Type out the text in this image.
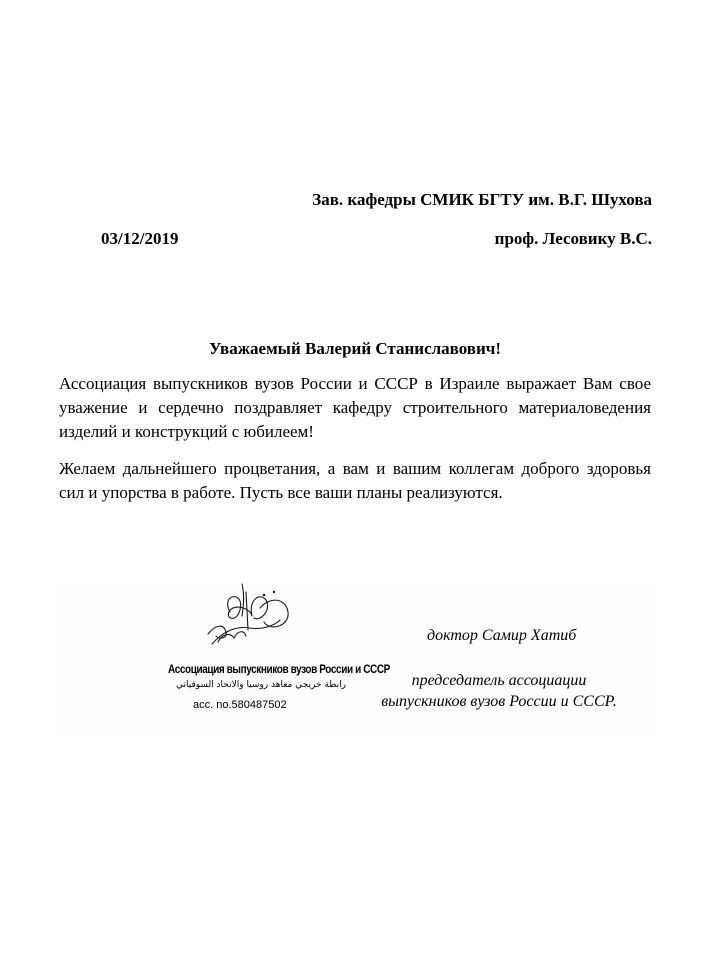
Зав. кафедры СМИК БГТУ им. В.Г. Шухова
03/12/2019	проф. Лесовику В.С.
Уважаемый Валерий Станиславович!
Ассоциация выпускников вузов России и СССР в Израиле выражает Вам свое уважение и сердечно поздравляет кафедру строительного материаловедения изделий и конструкций с юбилеем!
Желаем дальнейшего процветания, а вам и вашим коллегам доброго здоровья сил и упорства в работе. Пусть все ваши планы реализуются.
Ассоциация выпускников вузов России и СССР
رابطة خريجي معاهد روسيا والاتحاد السوفياتي
acc. no.580487502
доктор Самир Хатиб
председатель ассоциации
выпускников вузов России и СССР.
